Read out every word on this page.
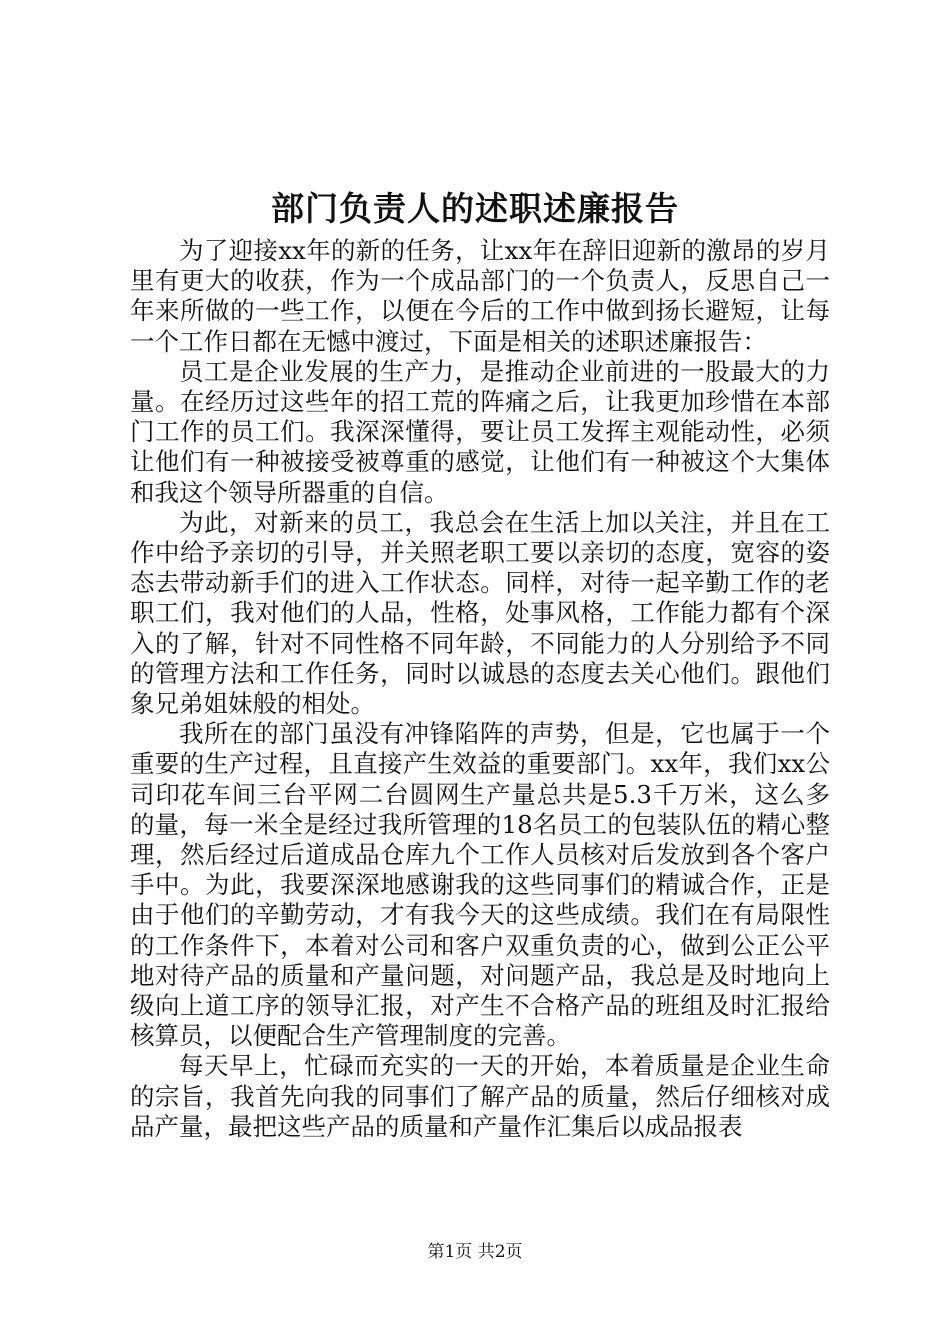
部门负责人的述职述廉报告

为了迎接xx年的新的任务，让xx年在辞旧迎新的激昂的岁月里有更大的收获，作为一个成品部门的一个负责人，反思自己一年来所做的一些工作，以便在今后的工作中做到扬长避短，让每一个工作日都在无憾中渡过，下面是相关的述职述廉报告：

员工是企业发展的生产力，是推动企业前进的一股最大的力量。在经历过这些年的招工荒的阵痛之后，让我更加珍惜在本部门工作的员工们。我深深懂得，要让员工发挥主观能动性，必须让他们有一种被接受被尊重的感觉，让他们有一种被这个大集体和我这个领导所器重的自信。

为此，对新来的员工，我总会在生活上加以关注，并且在工作中给予亲切的引导，并关照老职工要以亲切的态度，宽容的姿态去带动新手们的进入工作状态。同样，对待一起辛勤工作的老职工们，我对他们的人品，性格，处事风格，工作能力都有个深入的了解，针对不同性格不同年龄，不同能力的人分别给予不同的管理方法和工作任务，同时以诚恳的态度去关心他们。跟他们象兄弟姐妹般的相处。

我所在的部门虽没有冲锋陷阵的声势，但是，它也属于一个重要的生产过程，且直接产生效益的重要部门。xx年，我们xx公司印花车间三台平网二台圆网生产量总共是5.3千万米，这么多的量，每一米全是经过我所管理的18名员工的包装队伍的精心整理，然后经过后道成品仓库九个工作人员核对后发放到各个客户手中。为此，我要深深地感谢我的这些同事们的精诚合作，正是由于他们的辛勤劳动，才有我今天的这些成绩。我们在有局限性的工作条件下，本着对公司和客户双重负责的心，做到公正公平地对待产品的质量和产量问题，对问题产品，我总是及时地向上级向上道工序的领导汇报，对产生不合格产品的班组及时汇报给核算员，以便配合生产管理制度的完善。

每天早上，忙碌而充实的一天的开始，本着质量是企业生命的宗旨，我首先向我的同事们了解产品的质量，然后仔细核对成品产量，最把这些产品的质量和产量作汇集后以成品报表

第1页 共2页
